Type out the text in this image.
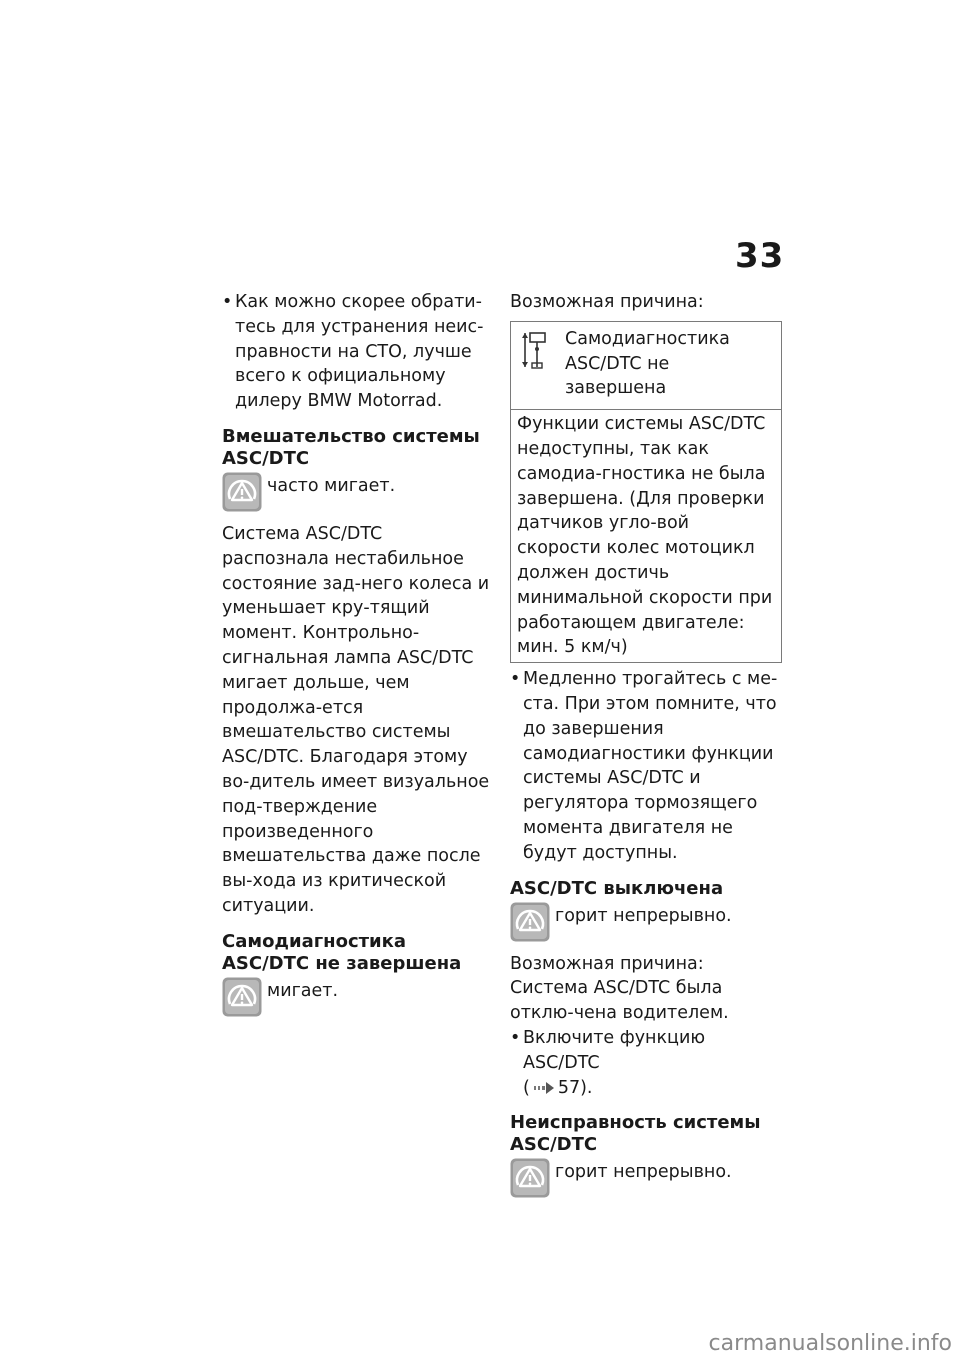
33

• Как можно скорее обрати-тесь для устранения неис-правности на СТО, лучше всего к официальному дилеру BMW Motorrad.

Вмешательство системы ASC/DTC

часто мигает.

Система ASC/DTC распознала нестабильное состояние зад-него колеса и уменьшает кру-тящий момент. Контрольно-сигнальная лампа ASC/DTC мигает дольше, чем продолжа-ется вмешательство системы ASC/DTC. Благодаря этому во-дитель имеет визуальное под-тверждение произведенного вмешательства даже после вы-хода из критической ситуации.

Самодиагностика ASC/DTC не завершена

мигает.

Возможная причина:

Самодиагностика ASC/DTC не завершена

Функции системы ASC/DTC недоступны, так как самодиа-гностика не была завершена. (Для проверки датчиков угло-вой скорости колес мотоцикл должен достичь минимальной скорости при работающем двигателе: мин. 5 км/ч)

• Медленно трогайтесь с ме-ста. При этом помните, что до завершения самодиагностики функции системы ASC/DTC и регулятора тормозящего момента двигателя не будут доступны.

ASC/DTC выключена

горит непрерывно.

Возможная причина:

Система ASC/DTC была отклю-чена водителем.

• Включите функцию ASC/DTC
( 57).

Неисправность системы ASC/DTC

горит непрерывно.

carmanualsonline.info
